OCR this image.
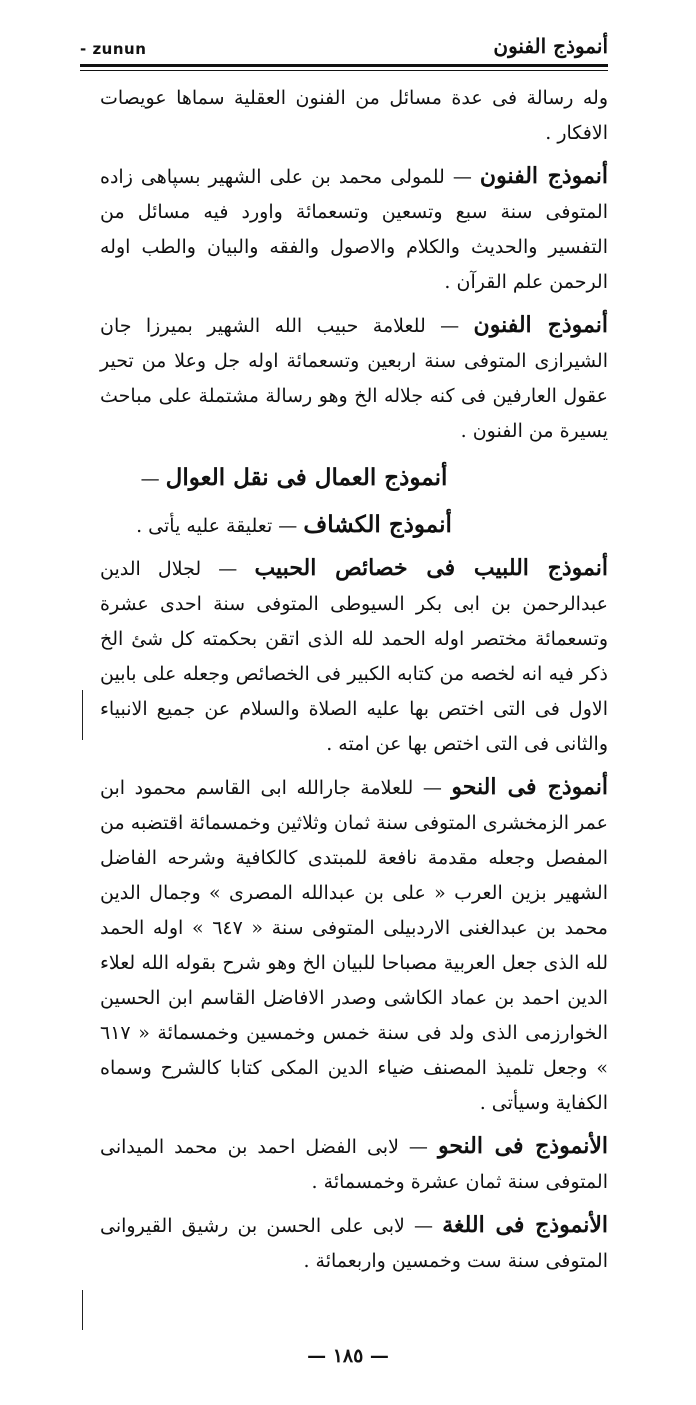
- zunun	أنموذج الفنون

وله رسالة فى عدة مسائل من الفنون العقلية سماها عويصات الافكار .

أنموذج الفنون — للمولى محمد بن على الشهير بسپاهى زاده المتوفى سنة سبع وتسعين وتسعمائة واورد فيه مسائل من التفسير والحديث والكلام والاصول والفقه والبيان والطب اوله الرحمن علم القرآن .

أنموذج الفنون — للعلامة حبيب الله الشهير بميرزا جان الشيرازى المتوفى سنة اربعين وتسعمائة اوله جل وعلا من تحير عقول العارفين فى كنه جلاله الخ وهو رسالة مشتملة على مباحث يسيرة من الفنون .

أنموذج العمال فى نقل العوال —

أنموذج الكشاف — تعليقة عليه يأتى .

أنموذج اللبيب فى خصائص الحبيب — لجلال الدين عبدالرحمن بن ابى بكر السيوطى المتوفى سنة احدى عشرة وتسعمائة مختصر اوله الحمد لله الذى اتقن بحكمته كل شئ الخ ذكر فيه انه لخصه من كتابه الكبير فى الخصائص وجعله على بابين الاول فى التى اختص بها عليه الصلاة والسلام عن جميع الانبياء والثانى فى التى اختص بها عن امته .

أنموذج فى النحو — للعلامة جارالله ابى القاسم محمود ابن عمر الزمخشرى المتوفى سنة ثمان وثلاثين وخمسمائة اقتضبه من المفصل وجعله مقدمة نافعة للمبتدى كالكافية وشرحه الفاضل الشهير بزين العرب « على بن عبدالله المصرى » وجمال الدين محمد بن عبدالغنى الاردبيلى المتوفى سنة « ٦٤٧ » اوله الحمد لله الذى جعل العربية مصباحا للبيان الخ وهو شرح بقوله الله لعلاء الدين احمد بن عماد الكاشى وصدر الافاضل القاسم ابن الحسين الخوارزمى الذى ولد فى سنة خمس وخمسين وخمسمائة « ٦١٧ » وجعل تلميذ المصنف ضياء الدين المكى كتابا كالشرح وسماه الكفاية وسيأتى .

الأنموذج فى النحو — لابى الفضل احمد بن محمد الميدانى المتوفى سنة ثمان عشرة وخمسمائة .

الأنموذج فى اللغة — لابى على الحسن بن رشيق القيروانى المتوفى سنة ست وخمسين واربعمائة .

— ١٨٥ —
